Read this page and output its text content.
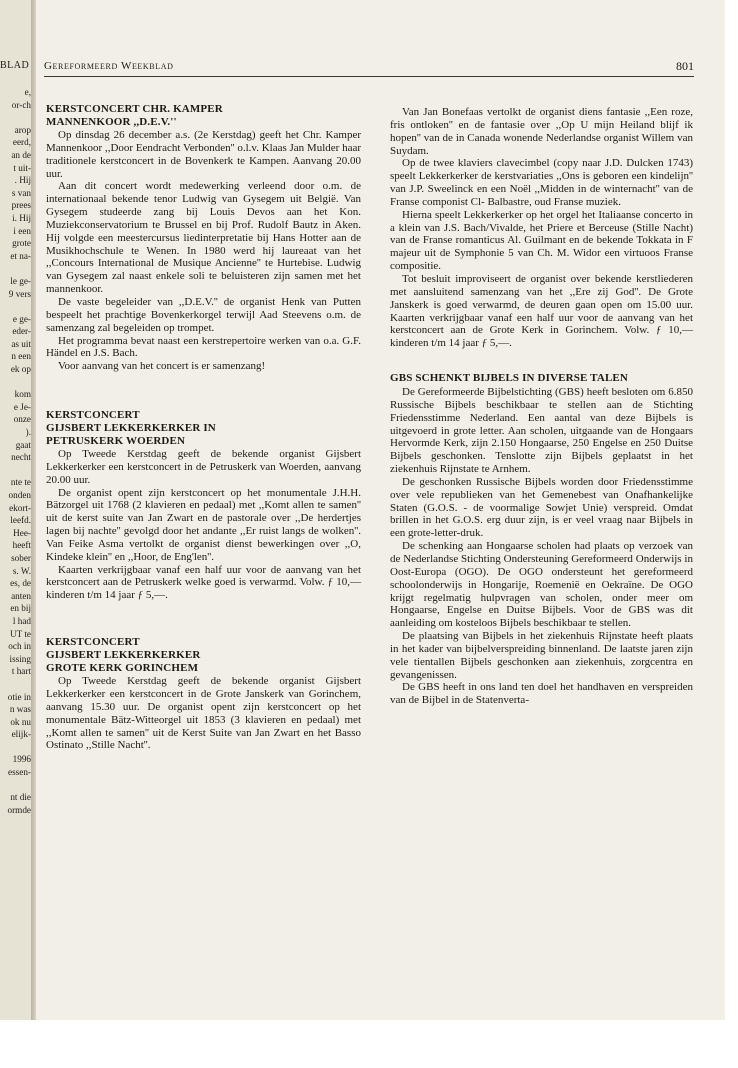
BLAD
e,
or-ch
arop
eerd,
an de
t uit-
. Hij
s van
prees
i. Hij
i een
grote
et na-
le ge-
9 vers
e ge-
eder-
as uit
n een
ek op
kom
e Je-
onze
).
gaat
necht
nte te
onden
ekort-
leefd.
Hee-
heeft
sober
s. W.
es, de
anten
en bij
l had
UT te
och in
issing
t hart
otie in
n was
ok nu
elijk-
1996
essen-
nt die
ormde
Gereformeerd Weekblad	801
KERSTCONCERT CHR. KAMPER
MANNENKOOR ,,D.E.V.''

Op dinsdag 26 december a.s. (2e Kerstdag) geeft het Chr. Kamper Mannenkoor ,,Door Eendracht Verbonden'' o.l.v. Klaas Jan Mulder haar traditionele kerstconcert in de Bovenkerk te Kampen. Aanvang 20.00 uur.

Aan dit concert wordt medewerking verleend door o.m. de internationaal bekende tenor Ludwig van Gysegem uit België. Van Gysegem studeerde zang bij Louis Devos aan het Kon. Muziekconservatorium te Brussel en bij Prof. Rudolf Bautz in Aken. Hij volgde een meestercursus liedinterpretatie bij Hans Hotter aan de Musikhochschule te Wenen. In 1980 werd hij laureaat van het ,,Concours International de Musique Ancienne'' te Hurtebise. Ludwig van Gysegem zal naast enkele soli te beluisteren zijn samen met het mannenkoor.

De vaste begeleider van ,,D.E.V.'' de organist Henk van Putten bespeelt het prachtige Bovenkerkorgel terwijl Aad Steevens o.m. de samenzang zal begeleiden op trompet.

Het programma bevat naast een kerstrepertoire werken van o.a. G.F. Händel en J.S. Bach.

Voor aanvang van het concert is er samenzang!

KERSTCONCERT
GIJSBERT LEKKERKERKER IN
PETRUSKERK WOERDEN

Op Tweede Kerstdag geeft de bekende organist Gijsbert Lekkerkerker een kerstconcert in de Petruskerk van Woerden, aanvang 20.00 uur.

De organist opent zijn kerstconcert op het monumentale J.H.H. Bätzorgel uit 1768 (2 klavieren en pedaal) met ,,Komt allen te samen'' uit de kerst suite van Jan Zwart en de pastorale over ,,De herdertjes lagen bij nachte'' gevolgd door het andante ,,Er ruist langs de wolken''. Van Feike Asma vertolkt de organist dienst bewerkingen over ,,O, Kindeke klein'' en ,,Hoor, de Eng'len''.

Kaarten verkrijgbaar vanaf een half uur voor de aanvang van het kerstconcert aan de Petruskerk welke goed is verwarmd. Volw. ƒ 10,— kinderen t/m 14 jaar ƒ 5,—.

KERSTCONCERT
GIJSBERT LEKKERKERKER
GROTE KERK GORINCHEM

Op Tweede Kerstdag geeft de bekende organist Gijsbert Lekkerkerker een kerstconcert in de Grote Janskerk van Gorinchem, aanvang 15.30 uur. De organist opent zijn kerstconcert op het monumentale Bätz-Witteorgel uit 1853 (3 klavieren en pedaal) met ,,Komt allen te samen'' uit de Kerst Suite van Jan Zwart en het Basso Ostinato ,,Stille Nacht''.

Van Jan Bonefaas vertolkt de organist diens fantasie ,,Een roze, fris ontloken'' en de fantasie over ,,Op U mijn Heiland blijf ik hopen'' van de in Canada wonende Nederlandse organist Willem van Suydam.

Op de twee klaviers clavecimbel (copy naar J.D. Dulcken 1743) speelt Lekkerkerker de kerstvariaties ,,Ons is geboren een kindelijn'' van J.P. Sweelinck en een Noël ,,Midden in de winternacht'' van de Franse componist Cl- Balbastre, oud Franse muziek.

Hierna speelt Lekkerkerker op het orgel het Italiaanse concerto in a klein van J.S. Bach/Vivalde, het Priere et Berceuse (Stille Nacht) van de Franse romanticus Al. Guilmant en de bekende Tokkata in F majeur uit de Symphonie 5 van Ch. M. Widor een virtuoos Franse compositie.

Tot besluit improviseert de organist over bekende kerstliederen met aansluitend samenzang van het ,,Ere zij God''. De Grote Janskerk is goed verwarmd, de deuren gaan open om 15.00 uur. Kaarten verkrijgbaar vanaf een half uur voor de aanvang van het kerstconcert aan de Grote Kerk in Gorinchem. Volw. ƒ 10,— kinderen t/m 14 jaar ƒ 5,—.

GBS SCHENKT BIJBELS IN DIVERSE TALEN

De Gereformeerde Bijbelstichting (GBS) heeft besloten om 6.850 Russische Bijbels beschikbaar te stellen aan de Stichting Friedensstimme Nederland. Een aantal van deze Bijbels is uitgevoerd in grote letter. Aan scholen, uitgaande van de Hongaars Hervormde Kerk, zijn 2.150 Hongaarse, 250 Engelse en 250 Duitse Bijbels geschonken. Tenslotte zijn Bijbels geplaatst in het ziekenhuis Rijnstate te Arnhem.

De geschonken Russische Bijbels worden door Friedensstimme over vele republieken van het Gemenebest van Onafhankelijke Staten (G.O.S. - de voormalige Sowjet Unie) verspreid. Omdat brillen in het G.O.S. erg duur zijn, is er veel vraag naar Bijbels in een grote-letter-druk.

De schenking aan Hongaarse scholen had plaats op verzoek van de Nederlandse Stichting Ondersteuning Gereformeerd Onderwijs in Oost-Europa (OGO). De OGO ondersteunt het gereformeerd schoolonderwijs in Hongarije, Roemenië en Oekraïne. De OGO krijgt regelmatig hulpvragen van scholen, onder meer om Hongaarse, Engelse en Duitse Bijbels. Voor de GBS was dit aanleiding om kosteloos Bijbels beschikbaar te stellen.

De plaatsing van Bijbels in het ziekenhuis Rijnstate heeft plaats in het kader van bijbelverspreiding binnenland. De laatste jaren zijn vele tientallen Bijbels geschonken aan ziekenhuis, zorgcentra en gevangenissen.

De GBS heeft in ons land ten doel het handhaven en verspreiden van de Bijbel in de Statenverta-
